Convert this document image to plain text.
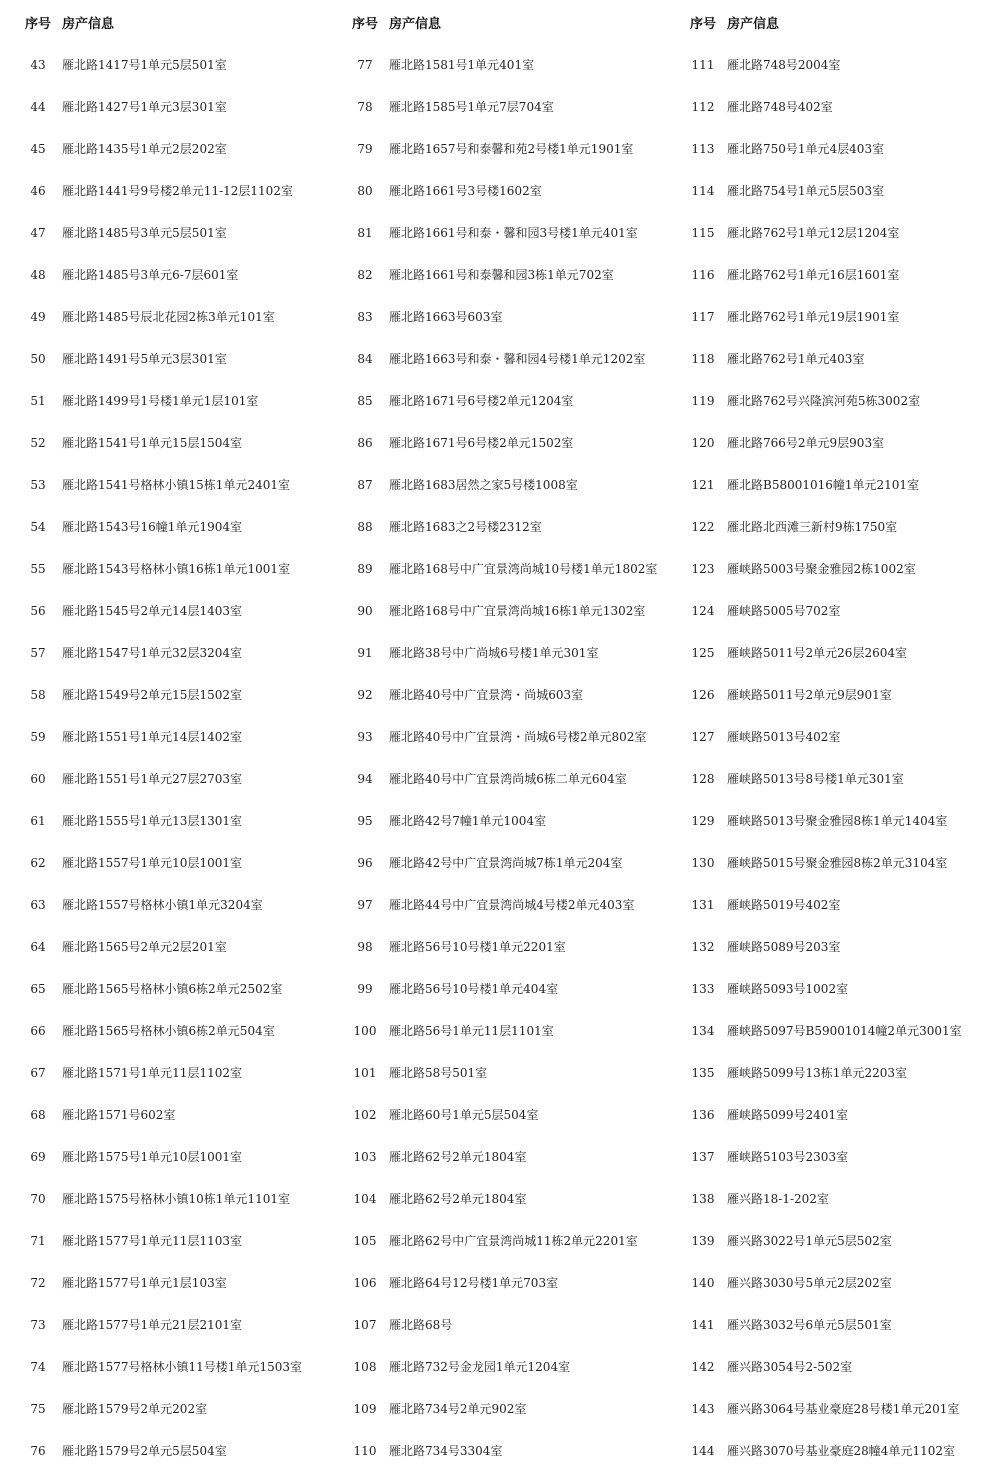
序号 房产信息
43	雁北路1417号1单元5层501室
44	雁北路1427号1单元3层301室
45	雁北路1435号1单元2层202室
46	雁北路1441号9号楼2单元11-12层1102室
47	雁北路1485号3单元5层501室
48	雁北路1485号3单元6-7层601室
49	雁北路1485号辰北花园2栋3单元101室
50	雁北路1491号5单元3层301室
51	雁北路1499号1号楼1单元1层101室
52	雁北路1541号1单元15层1504室
53	雁北路1541号格林小镇15栋1单元2401室
54	雁北路1543号16幢1单元1904室
55	雁北路1543号格林小镇16栋1单元1001室
56	雁北路1545号2单元14层1403室
57	雁北路1547号1单元32层3204室
58	雁北路1549号2单元15层1502室
59	雁北路1551号1单元14层1402室
60	雁北路1551号1单元27层2703室
61	雁北路1555号1单元13层1301室
62	雁北路1557号1单元10层1001室
63	雁北路1557号格林小镇1单元3204室
64	雁北路1565号2单元2层201室
65	雁北路1565号格林小镇6栋2单元2502室
66	雁北路1565号格林小镇6栋2单元504室
67	雁北路1571号1单元11层1102室
68	雁北路1571号602室
69	雁北路1575号1单元10层1001室
70	雁北路1575号格林小镇10栋1单元1101室
71	雁北路1577号1单元11层1103室
72	雁北路1577号1单元1层103室
73	雁北路1577号1单元21层2101室
74	雁北路1577号格林小镇11号楼1单元1503室
75	雁北路1579号2单元202室
76	雁北路1579号2单元5层504室
序号 房产信息
77	雁北路1581号1单元401室
78	雁北路1585号1单元7层704室
79	雁北路1657号和泰馨和苑2号楼1单元1901室
80	雁北路1661号3号楼1602室
81	雁北路1661号和泰・馨和园3号楼1单元401室
82	雁北路1661号和泰馨和园3栋1单元702室
83	雁北路1663号603室
84	雁北路1663号和泰・馨和园4号楼1单元1202室
85	雁北路1671号6号楼2单元1204室
86	雁北路1671号6号楼2单元1502室
87	雁北路1683居然之家5号楼1008室
88	雁北路1683之2号楼2312室
89	雁北路168号中广宜景湾尚城10号楼1单元1802室
90	雁北路168号中广宜景湾尚城16栋1单元1302室
91	雁北路38号中广尚城6号楼1单元301室
92	雁北路40号中广宜景湾・尚城603室
93	雁北路40号中广宜景湾・尚城6号楼2单元802室
94	雁北路40号中广宜景湾尚城6栋二单元604室
95	雁北路42号7幢1单元1004室
96	雁北路42号中广宜景湾尚城7栋1单元204室
97	雁北路44号中广宜景湾尚城4号楼2单元403室
98	雁北路56号10号楼1单元2201室
99	雁北路56号10号楼1单元404室
100	雁北路56号1单元11层1101室
101	雁北路58号501室
102	雁北路60号1单元5层504室
103	雁北路62号2单元1804室
104	雁北路62号2单元1804室
105	雁北路62号中广宜景湾尚城11栋2单元2201室
106	雁北路64号12号楼1单元703室
107	雁北路68号
108	雁北路732号金龙园1单元1204室
109	雁北路734号2单元902室
110	雁北路734号3304室
序号 房产信息
111	雁北路748号2004室
112	雁北路748号402室
113	雁北路750号1单元4层403室
114	雁北路754号1单元5层503室
115	雁北路762号1单元12层1204室
116	雁北路762号1单元16层1601室
117	雁北路762号1单元19层1901室
118	雁北路762号1单元403室
119	雁北路762号兴隆滨河苑5栋3002室
120	雁北路766号2单元9层903室
121	雁北路B58001016幢1单元2101室
122	雁北路北西滩三新村9栋1750室
123	雁峡路5003号聚金雅园2栋1002室
124	雁峡路5005号702室
125	雁峡路5011号2单元26层2604室
126	雁峡路5011号2单元9层901室
127	雁峡路5013号402室
128	雁峡路5013号8号楼1单元301室
129	雁峡路5013号聚金雅园8栋1单元1404室
130	雁峡路5015号聚金雅园8栋2单元3104室
131	雁峡路5019号402室
132	雁峡路5089号203室
133	雁峡路5093号1002室
134	雁峡路5097号B59001014幢2单元3001室
135	雁峡路5099号13栋1单元2203室
136	雁峡路5099号2401室
137	雁峡路5103号2303室
138	雁兴路18-1-202室
139	雁兴路3022号1单元5层502室
140	雁兴路3030号5单元2层202室
141	雁兴路3032号6单元5层501室
142	雁兴路3054号2-502室
143	雁兴路3064号基业豪庭28号楼1单元201室
144	雁兴路3070号基业豪庭28幢4单元1102室
